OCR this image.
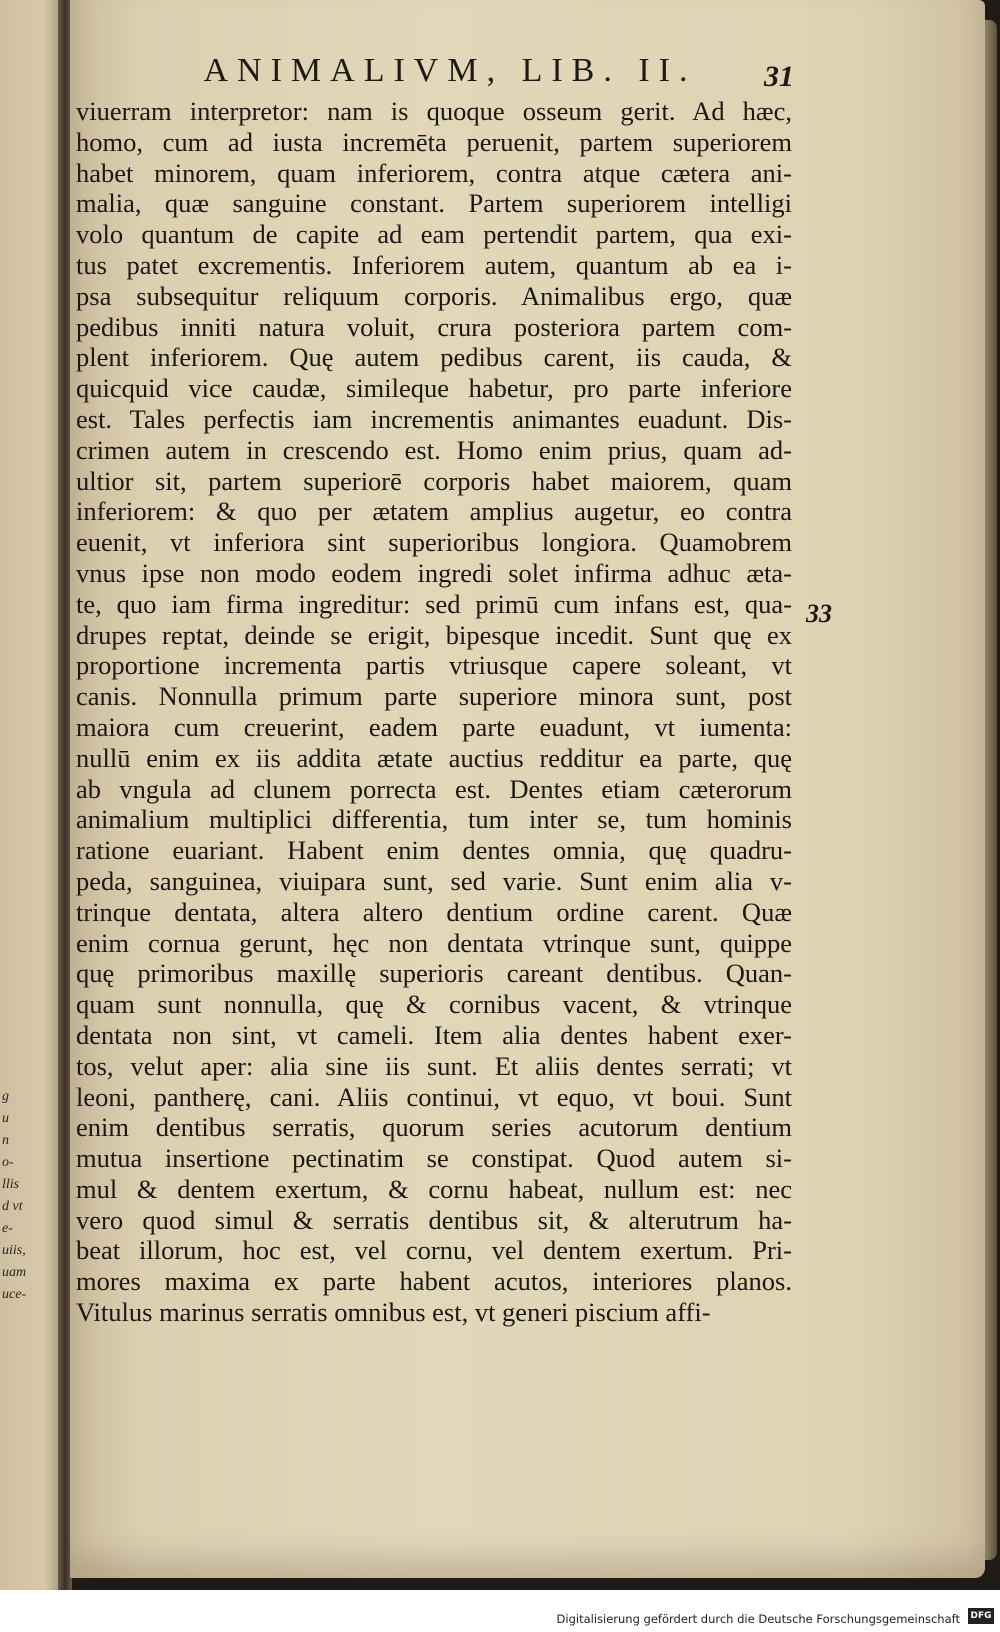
ANIMALIVM, LIB. II.	31
viuerram interpretor: nam is quoque osseum gerit. Ad hæc,
homo, cum ad iusta incremēta peruenit, partem superiorem
habet minorem, quam inferiorem, contra atque cætera ani-
malia, quæ sanguine constant. Partem superiorem intelligi
volo quantum de capite ad eam pertendit partem, qua exi-
tus patet excrementis. Inferiorem autem, quantum ab ea i-
psa subsequitur reliquum corporis. Animalibus ergo, quæ
pedibus inniti natura voluit, crura posteriora partem com-
plent inferiorem. Quę autem pedibus carent, iis cauda, &
quicquid vice caudæ, simileque habetur, pro parte inferiore
est. Tales perfectis iam incrementis animantes euadunt. Dis-
crimen autem in crescendo est. Homo enim prius, quam ad-
ultior sit, partem superiorē corporis habet maiorem, quam
inferiorem: & quo per ætatem amplius augetur, eo contra
euenit, vt inferiora sint superioribus longiora. Quamobrem
vnus ipse non modo eodem ingredi solet infirma adhuc æta-
te, quo iam firma ingreditur: sed primū cum infans est, qua-
drupes reptat, deinde se erigit, bipesque incedit. Sunt quę ex
proportione incrementa partis vtriusque capere soleant, vt
canis. Nonnulla primum parte superiore minora sunt, post
maiora cum creuerint, eadem parte euadunt, vt iumenta:
nullū enim ex iis addita ætate auctius redditur ea parte, quę
ab vngula ad clunem porrecta est. Dentes etiam cæterorum
animalium multiplici differentia, tum inter se, tum hominis
ratione euariant. Habent enim dentes omnia, quę quadru-
peda, sanguinea, viuipara sunt, sed varie. Sunt enim alia v-
trinque dentata, altera altero dentium ordine carent. Quæ
enim cornua gerunt, hęc non dentata vtrinque sunt, quippe
quę primoribus maxillę superioris careant dentibus. Quan-
quam sunt nonnulla, quę & cornibus vacent, & vtrinque
dentata non sint, vt cameli. Item alia dentes habent exer-
tos, velut aper: alia sine iis sunt. Et aliis dentes serrati; vt
leoni, pantherę, cani. Aliis continui, vt equo, vt boui. Sunt
enim dentibus serratis, quorum series acutorum dentium
mutua insertione pectinatim se constipat. Quod autem si-
mul & dentem exertum, & cornu habeat, nullum est: nec
vero quod simul & serratis dentibus sit, & alterutrum ha-
beat illorum, hoc est, vel cornu, vel dentem exertum. Pri-
mores maxima ex parte habent acutos, interiores planos.
Vitulus marinus serratis omnibus est, vt generi piscium affi-
33
g
u
n
o-
llis
d vt
e-
uiis,
uam
uce-
Digitalisierung gefördert durch die Deutsche Forschungsgemeinschaft DFG
